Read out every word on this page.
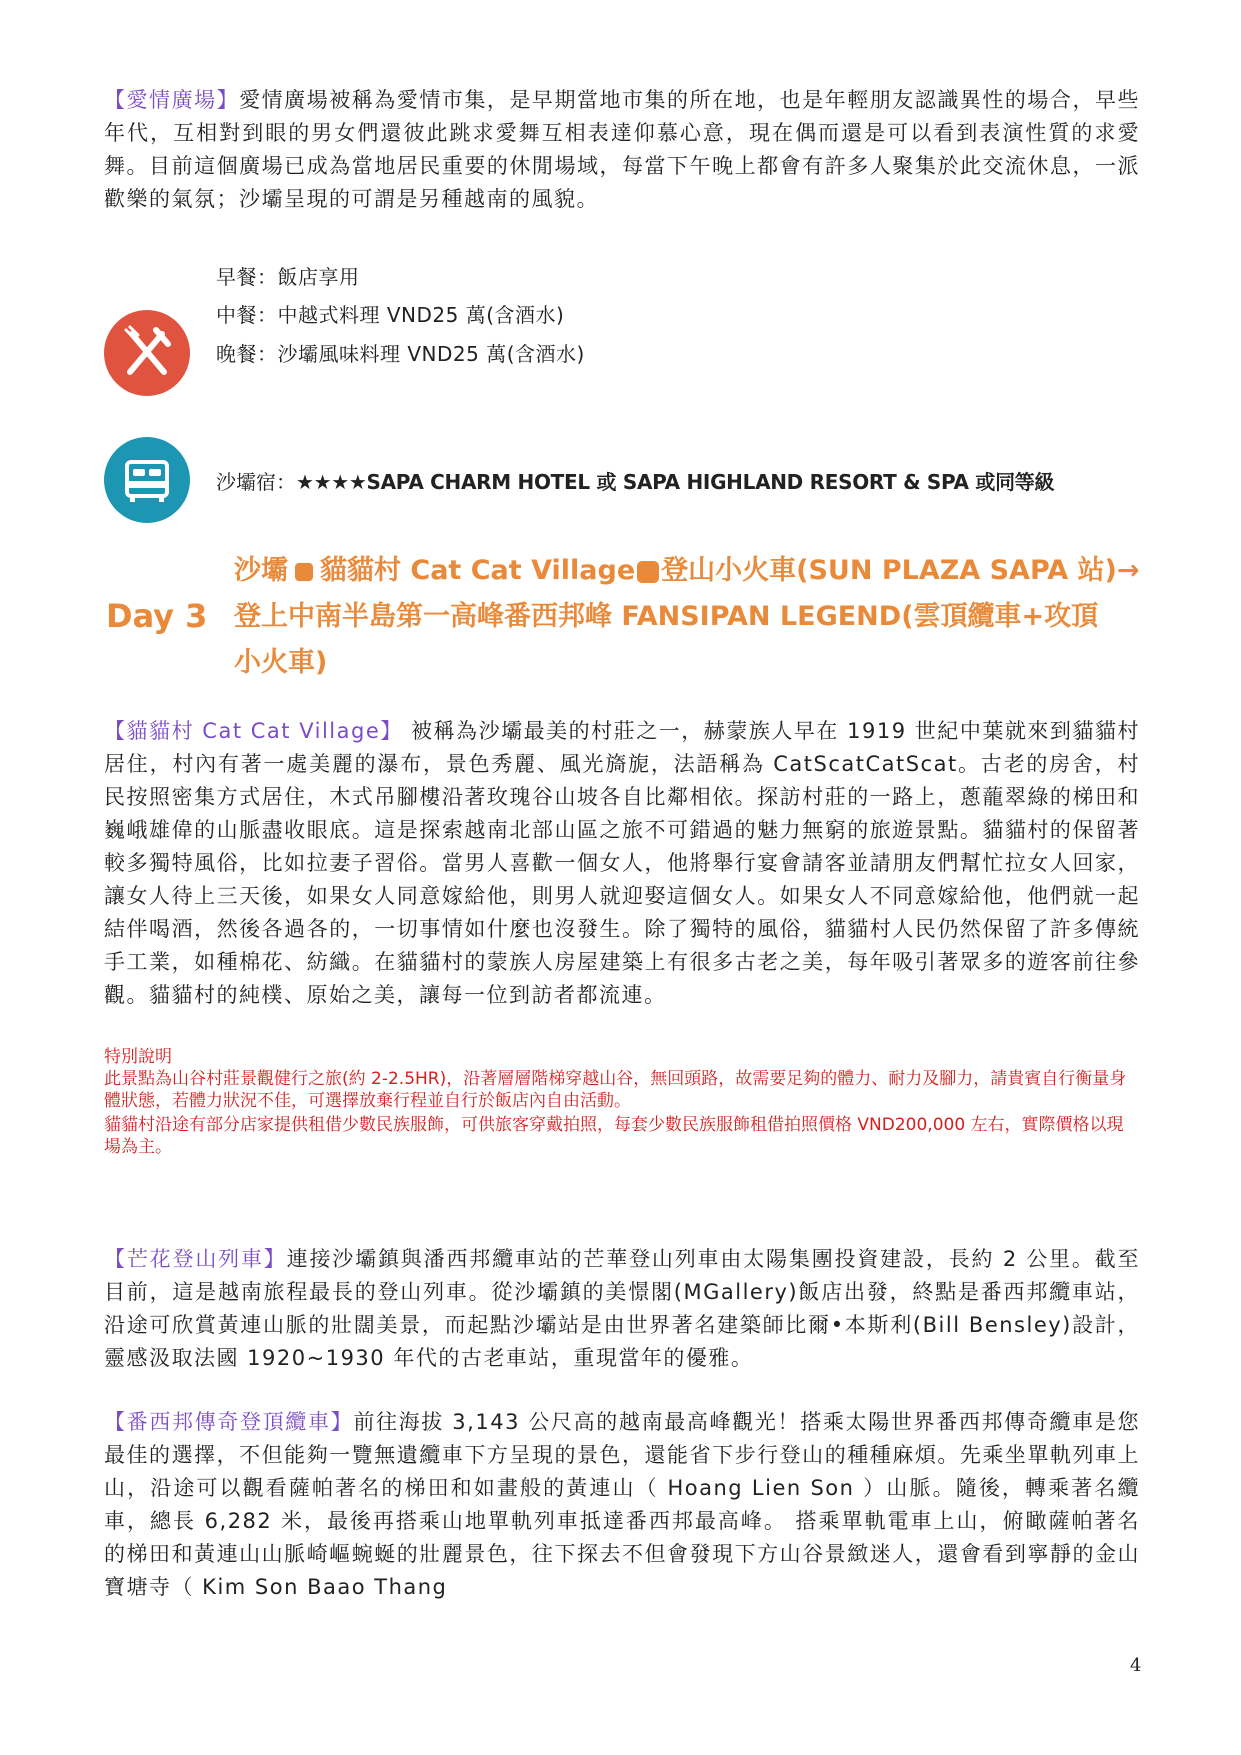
【愛情廣場】愛情廣場被稱為愛情市集，是早期當地市集的所在地，也是年輕朋友認識異性的場合，早些年代，互相對到眼的男女們還彼此跳求愛舞互相表達仰慕心意，現在偶而還是可以看到表演性質的求愛舞。目前這個廣場已成為當地居民重要的休閒場域，每當下午晚上都會有許多人聚集於此交流休息，一派歡樂的氣氛；沙壩呈現的可謂是另種越南的風貌。

早餐：飯店享用

中餐：中越式料理 VND25 萬(含酒水)

晚餐：沙壩風味料理 VND25 萬(含酒水)

沙壩宿：★★★★SAPA CHARM HOTEL 或 SAPA HIGHLAND RESORT & SPA 或同等級

Day 3

沙壩 貓貓村 Cat Cat Village 登山小火車(SUN PLAZA SAPA 站)→
登上中南半島第一高峰番西邦峰 FANSIPAN LEGEND(雲頂纜車+攻頂
小火車)

【貓貓村 Cat Cat Village】 被稱為沙壩最美的村莊之一，赫蒙族人早在 1919 世紀中葉就來到貓貓村居住，村內有著一處美麗的瀑布，景色秀麗、風光旖旎，法語稱為 CatScatCatScat。古老的房舍，村民按照密集方式居住，木式吊腳樓沿著玫瑰谷山坡各自比鄰相依。探訪村莊的一路上，蔥蘢翠綠的梯田和巍峨雄偉的山脈盡收眼底。這是探索越南北部山區之旅不可錯過的魅力無窮的旅遊景點。貓貓村的保留著較多獨特風俗，比如拉妻子習俗。當男人喜歡一個女人，他將舉行宴會請客並請朋友們幫忙拉女人回家，讓女人待上三天後，如果女人同意嫁給他，則男人就迎娶這個女人。如果女人不同意嫁給他，他們就一起結伴喝酒，然後各過各的，一切事情如什麼也沒發生。除了獨特的風俗，貓貓村人民仍然保留了許多傳統手工業，如種棉花、紡織。在貓貓村的蒙族人房屋建築上有很多古老之美，每年吸引著眾多的遊客前往參觀。貓貓村的純樸、原始之美，讓每一位到訪者都流連。

特別說明

此景點為山谷村莊景觀健行之旅(約 2-2.5HR)，沿著層層階梯穿越山谷，無回頭路，故需要足夠的體力、耐力及腳力，請貴賓自行衡量身體狀態，若體力狀況不佳，可選擇放棄行程並自行於飯店內自由活動。

貓貓村沿途有部分店家提供租借少數民族服飾，可供旅客穿戴拍照，每套少數民族服飾租借拍照價格 VND200,000 左右，實際價格以現場為主。

【芒花登山列車】連接沙壩鎮與潘西邦纜車站的芒華登山列車由太陽集團投資建設，長約 2 公里。截至目前，這是越南旅程最長的登山列車。從沙壩鎮的美憬閣(MGallery)飯店出發，終點是番西邦纜車站，沿途可欣賞黃連山脈的壯闊美景，而起點沙壩站是由世界著名建築師比爾•本斯利(Bill Bensley)設計，靈感汲取法國 1920~1930 年代的古老車站，重現當年的優雅。

【番西邦傳奇登頂纜車】前往海拔 3,143 公尺高的越南最高峰觀光！搭乘太陽世界番西邦傳奇纜車是您最佳的選擇，不但能夠一覽無遺纜車下方呈現的景色，還能省下步行登山的種種麻煩。先乘坐單軌列車上山，沿途可以觀看薩帕著名的梯田和如畫般的黃連山（ Hoang Lien Son ）山脈。隨後，轉乘著名纜車，總長 6,282 米，最後再搭乘山地單軌列車抵達番西邦最高峰。 搭乘單軌電車上山，俯瞰薩帕著名的梯田和黃連山山脈崎嶇蜿蜒的壯麗景色，往下探去不但會發現下方山谷景緻迷人，還會看到寧靜的金山寶塘寺（ Kim Son Baao Thang

4
